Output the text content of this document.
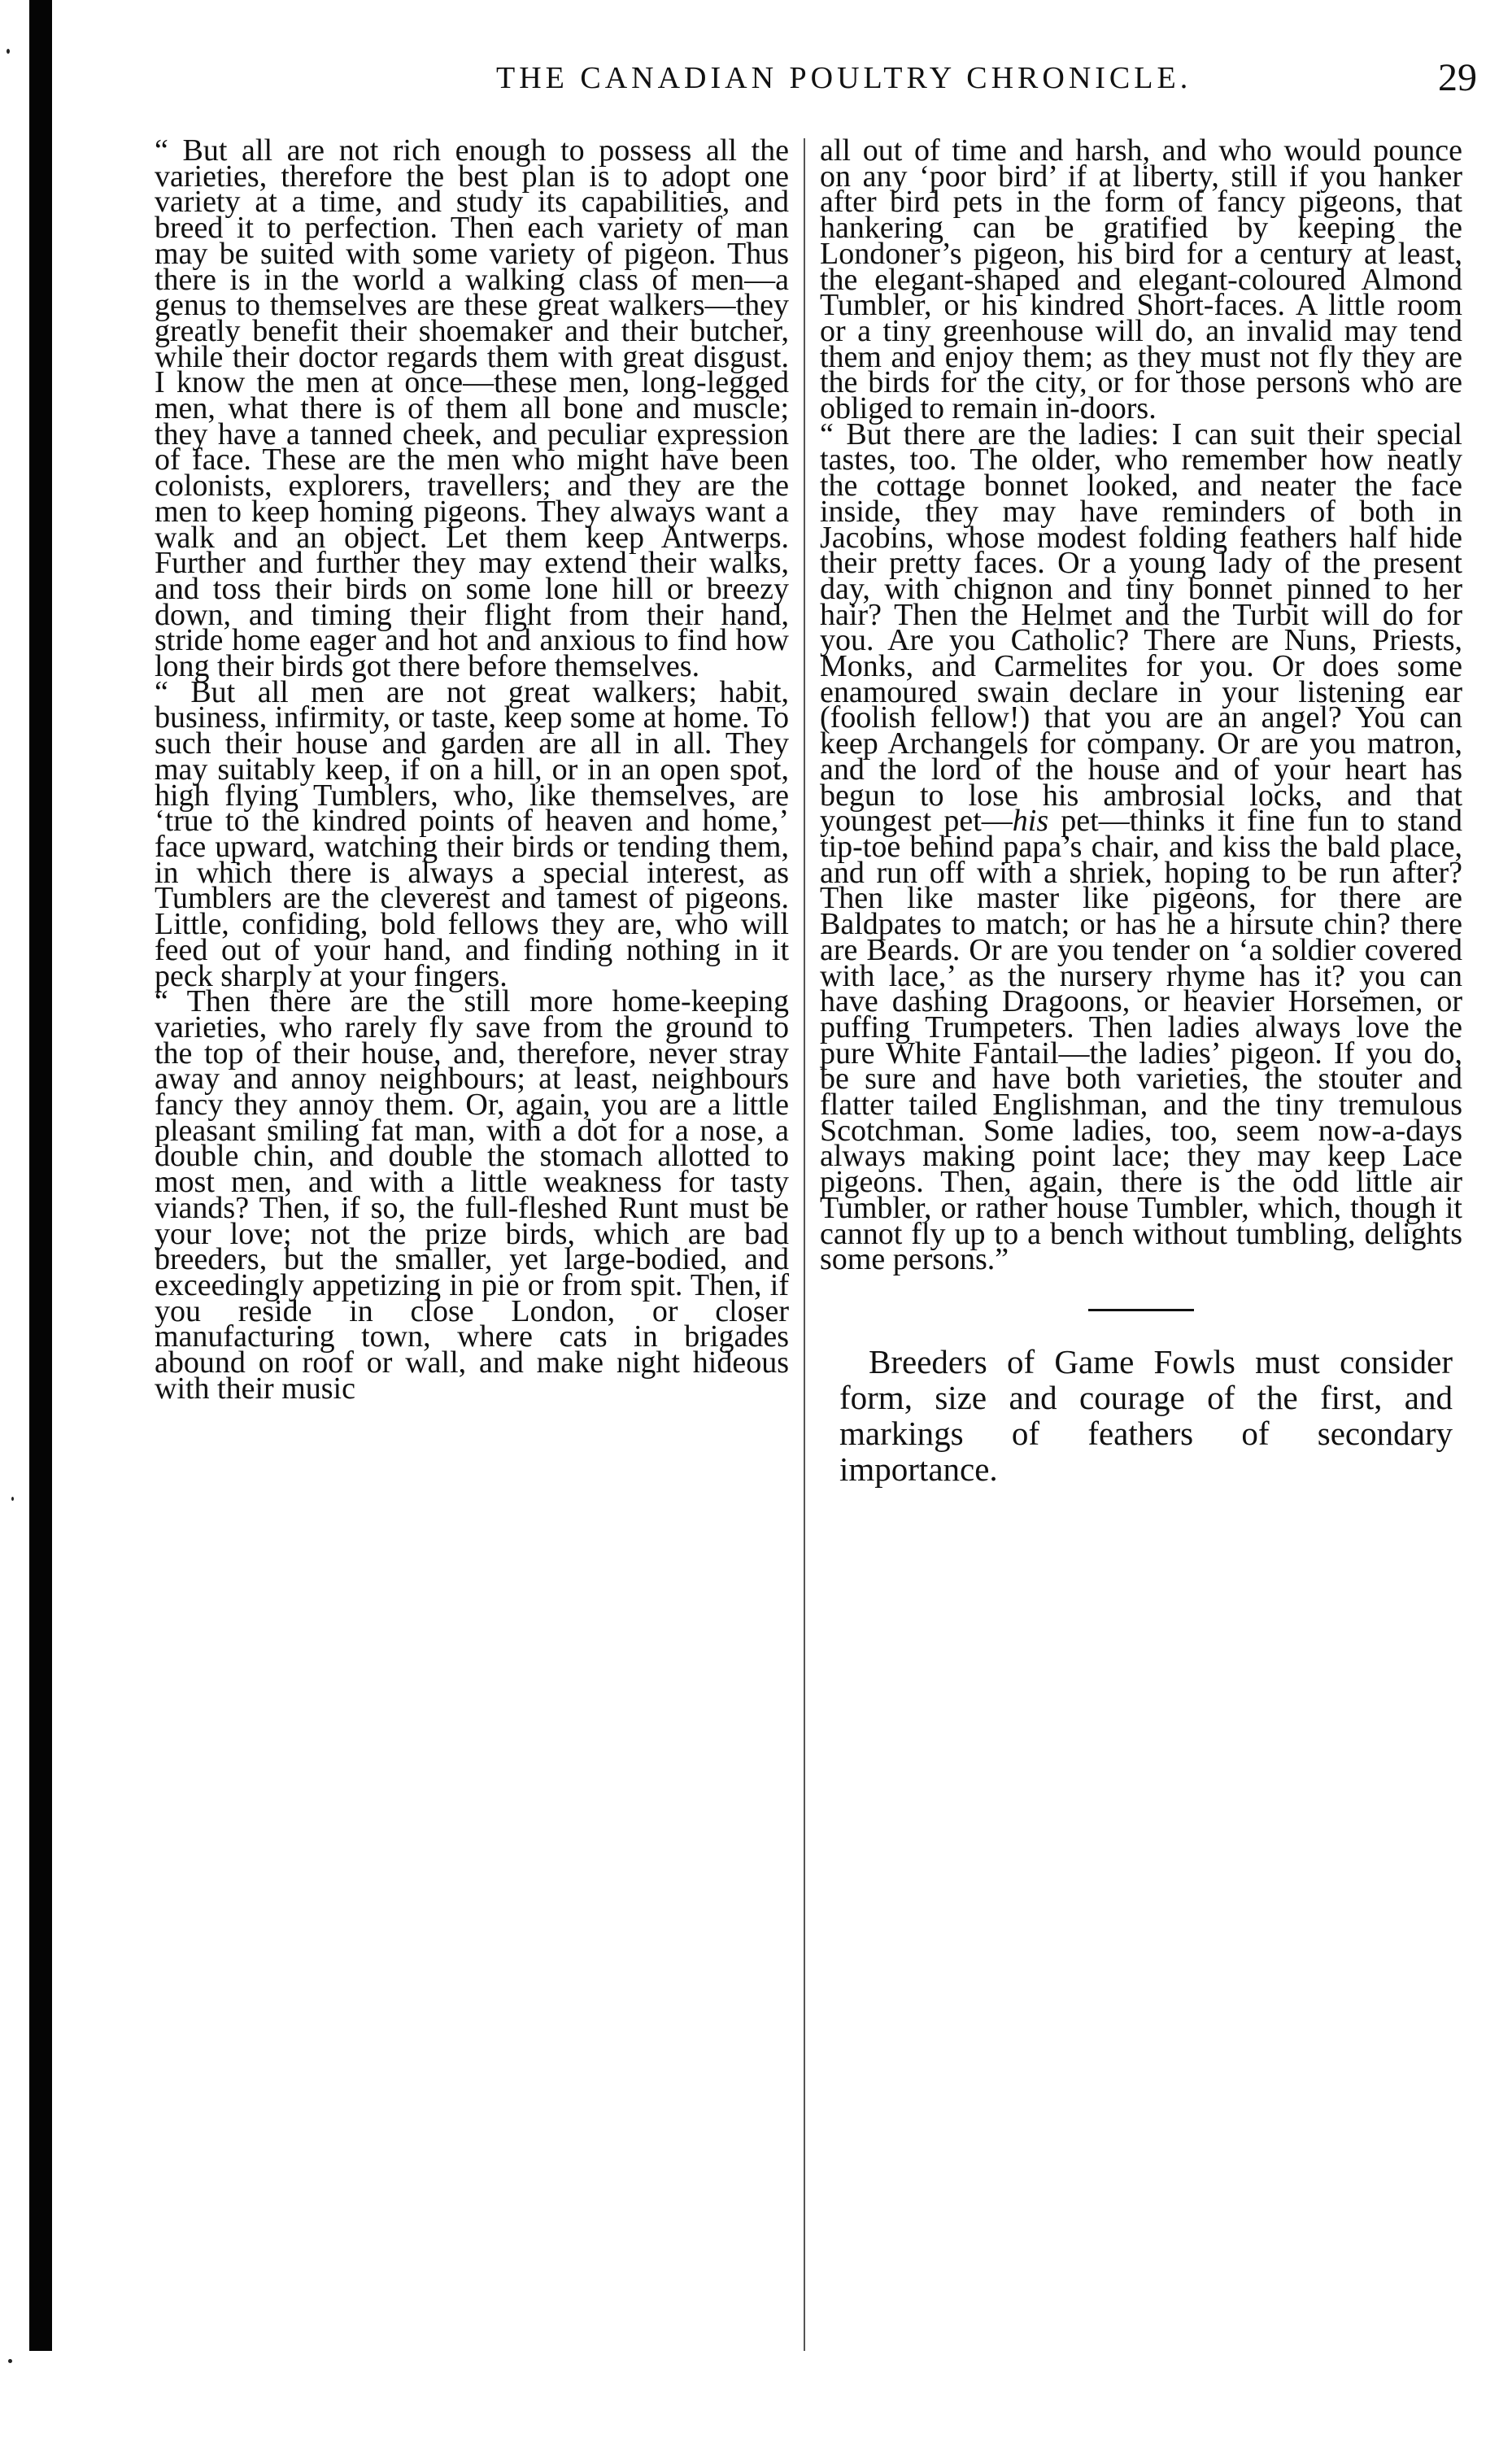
THE CANADIAN POULTRY CHRONICLE.	29

“ But all are not rich enough to possess all the varieties, therefore the best plan is to adopt one variety at a time, and study its capabilities, and breed it to perfection. Then each variety of man may be suited with some variety of pigeon. Thus there is in the world a walking class of men—a genus to themselves are these great walkers—they greatly benefit their shoemaker and their butcher, while their doctor regards them with great disgust. I know the men at once—these men, long-legged men, what there is of them all bone and muscle; they have a tanned cheek, and peculiar expression of face. These are the men who might have been colonists, explorers, travellers; and they are the men to keep homing pigeons. They always want a walk and an object. Let them keep Antwerps. Further and further they may extend their walks, and toss their birds on some lone hill or breezy down, and timing their flight from their hand, stride home eager and hot and anxious to find how long their birds got there before themselves.

“ But all men are not great walkers; habit, business, infirmity, or taste, keep some at home. To such their house and garden are all in all. They may suitably keep, if on a hill, or in an open spot, high flying Tumblers, who, like themselves, are ‘true to the kindred points of heaven and home,’ face upward, watching their birds or tending them, in which there is always a special interest, as Tumblers are the cleverest and tamest of pigeons. Little, confiding, bold fellows they are, who will feed out of your hand, and finding nothing in it peck sharply at your fingers.

“ Then there are the still more home-keeping varieties, who rarely fly save from the ground to the top of their house, and, therefore, never stray away and annoy neighbours; at least, neighbours fancy they annoy them. Or, again, you are a little pleasant smiling fat man, with a dot for a nose, a double chin, and double the stomach allotted to most men, and with a little weakness for tasty viands? Then, if so, the full-fleshed Runt must be your love; not the prize birds, which are bad breeders, but the smaller, yet large-bodied, and exceedingly appetizing in pie or from spit. Then, if you reside in close London, or closer manufacturing town, where cats in brigades abound on roof or wall, and make night hideous with their music

all out of time and harsh, and who would pounce on any ‘poor bird’ if at liberty, still if you hanker after bird pets in the form of fancy pigeons, that hankering can be gratified by keeping the Londoner’s pigeon, his bird for a century at least, the elegant-shaped and elegant-coloured Almond Tumbler, or his kindred Short-faces. A little room or a tiny greenhouse will do, an invalid may tend them and enjoy them; as they must not fly they are the birds for the city, or for those persons who are obliged to remain in-doors.

“ But there are the ladies: I can suit their special tastes, too. The older, who remember how neatly the cottage bonnet looked, and neater the face inside, they may have reminders of both in Jacobins, whose modest folding feathers half hide their pretty faces. Or a young lady of the present day, with chignon and tiny bonnet pinned to her hair? Then the Helmet and the Turbit will do for you. Are you Catholic? There are Nuns, Priests, Monks, and Carmelites for you. Or does some enamoured swain declare in your listening ear (foolish fellow!) that you are an angel? You can keep Archangels for company. Or are you matron, and the lord of the house and of your heart has begun to lose his ambrosial locks, and that youngest pet—his pet—thinks it fine fun to stand tip-toe behind papa’s chair, and kiss the bald place, and run off with a shriek, hoping to be run after? Then like master like pigeons, for there are Baldpates to match; or has he a hirsute chin? there are Beards. Or are you tender on ‘a soldier covered with lace,’ as the nursery rhyme has it? you can have dashing Dragoons, or heavier Horsemen, or puffing Trumpeters. Then ladies always love the pure White Fantail—the ladies’ pigeon. If you do, be sure and have both varieties, the stouter and flatter tailed Englishman, and the tiny tremulous Scotchman. Some ladies, too, seem now-a-days always making point lace; they may keep Lace pigeons. Then, again, there is the odd little air Tumbler, or rather house Tumbler, which, though it cannot fly up to a bench without tumbling, delights some persons.”

Breeders of Game Fowls must consider form, size and courage of the first, and markings of feathers of secondary importance.
